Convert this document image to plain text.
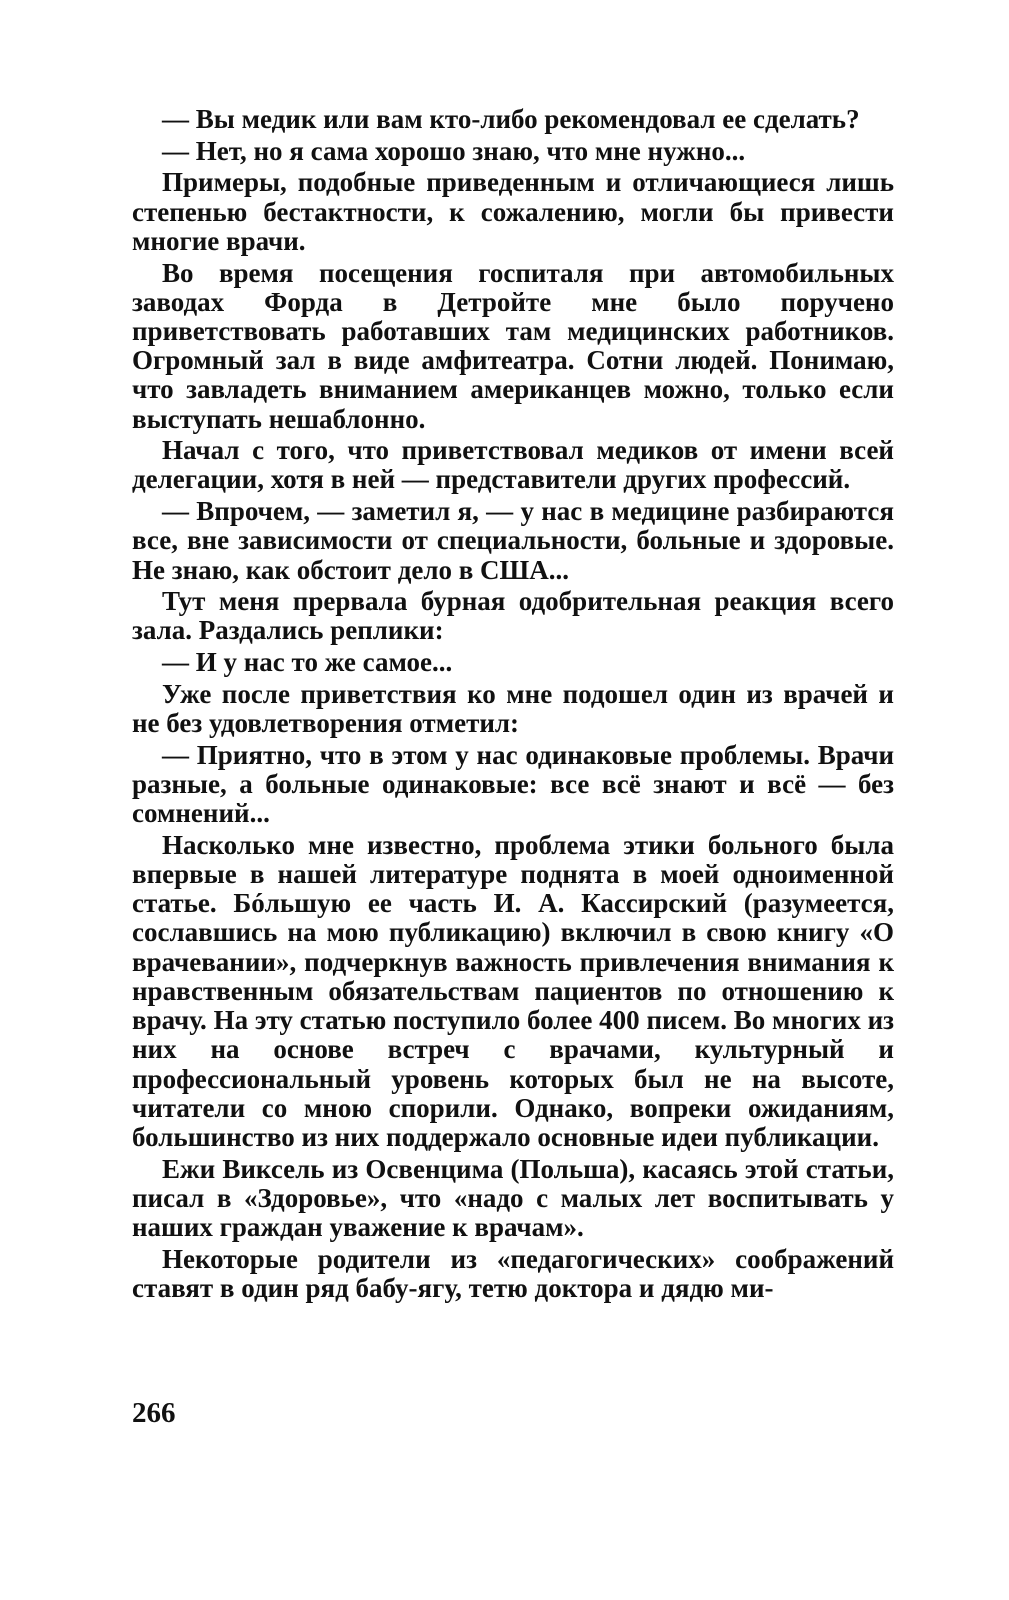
— Вы медик или вам кто-либо рекомендовал ее сделать?

— Нет, но я сама хорошо знаю, что мне нужно...

Примеры, подобные приведенным и отличающиеся лишь степенью бестактности, к сожалению, могли бы привести многие врачи.

Во время посещения госпиталя при автомобильных заводах Форда в Детройте мне было поручено приветствовать работавших там медицинских работников. Огромный зал в виде амфитеатра. Сотни людей. Понимаю, что завладеть вниманием американцев можно, только если выступать нешаблонно.

Начал с того, что приветствовал медиков от имени всей делегации, хотя в ней — представители других профессий.

— Впрочем, — заметил я, — у нас в медицине разбираются все, вне зависимости от специальности, больные и здоровые. Не знаю, как обстоит дело в США...

Тут меня прервала бурная одобрительная реакция всего зала. Раздались реплики:

— И у нас то же самое...

Уже после приветствия ко мне подошел один из врачей и не без удовлетворения отметил:

— Приятно, что в этом у нас одинаковые проблемы. Врачи разные, а больные одинаковые: все всё знают и всё — без сомнений...

Насколько мне известно, проблема этики больного была впервые в нашей литературе поднята в моей одноименной статье. Бóльшую ее часть И. А. Кассирский (разумеется, сославшись на мою публикацию) включил в свою книгу «О врачевании», подчеркнув важность привлечения внимания к нравственным обязательствам пациентов по отношению к врачу. На эту статью поступило более 400 писем. Во многих из них на основе встреч с врачами, культурный и профессиональный уровень которых был не на высоте, читатели со мною спорили. Однако, вопреки ожиданиям, большинство из них поддержало основные идеи публикации.

Ежи Виксель из Освенцима (Польша), касаясь этой статьи, писал в «Здоровье», что «надо с малых лет воспитывать у наших граждан уважение к врачам».

Некоторые родители из «педагогических» соображений ставят в один ряд бабу-ягу, тетю доктора и дядю ми-

266
